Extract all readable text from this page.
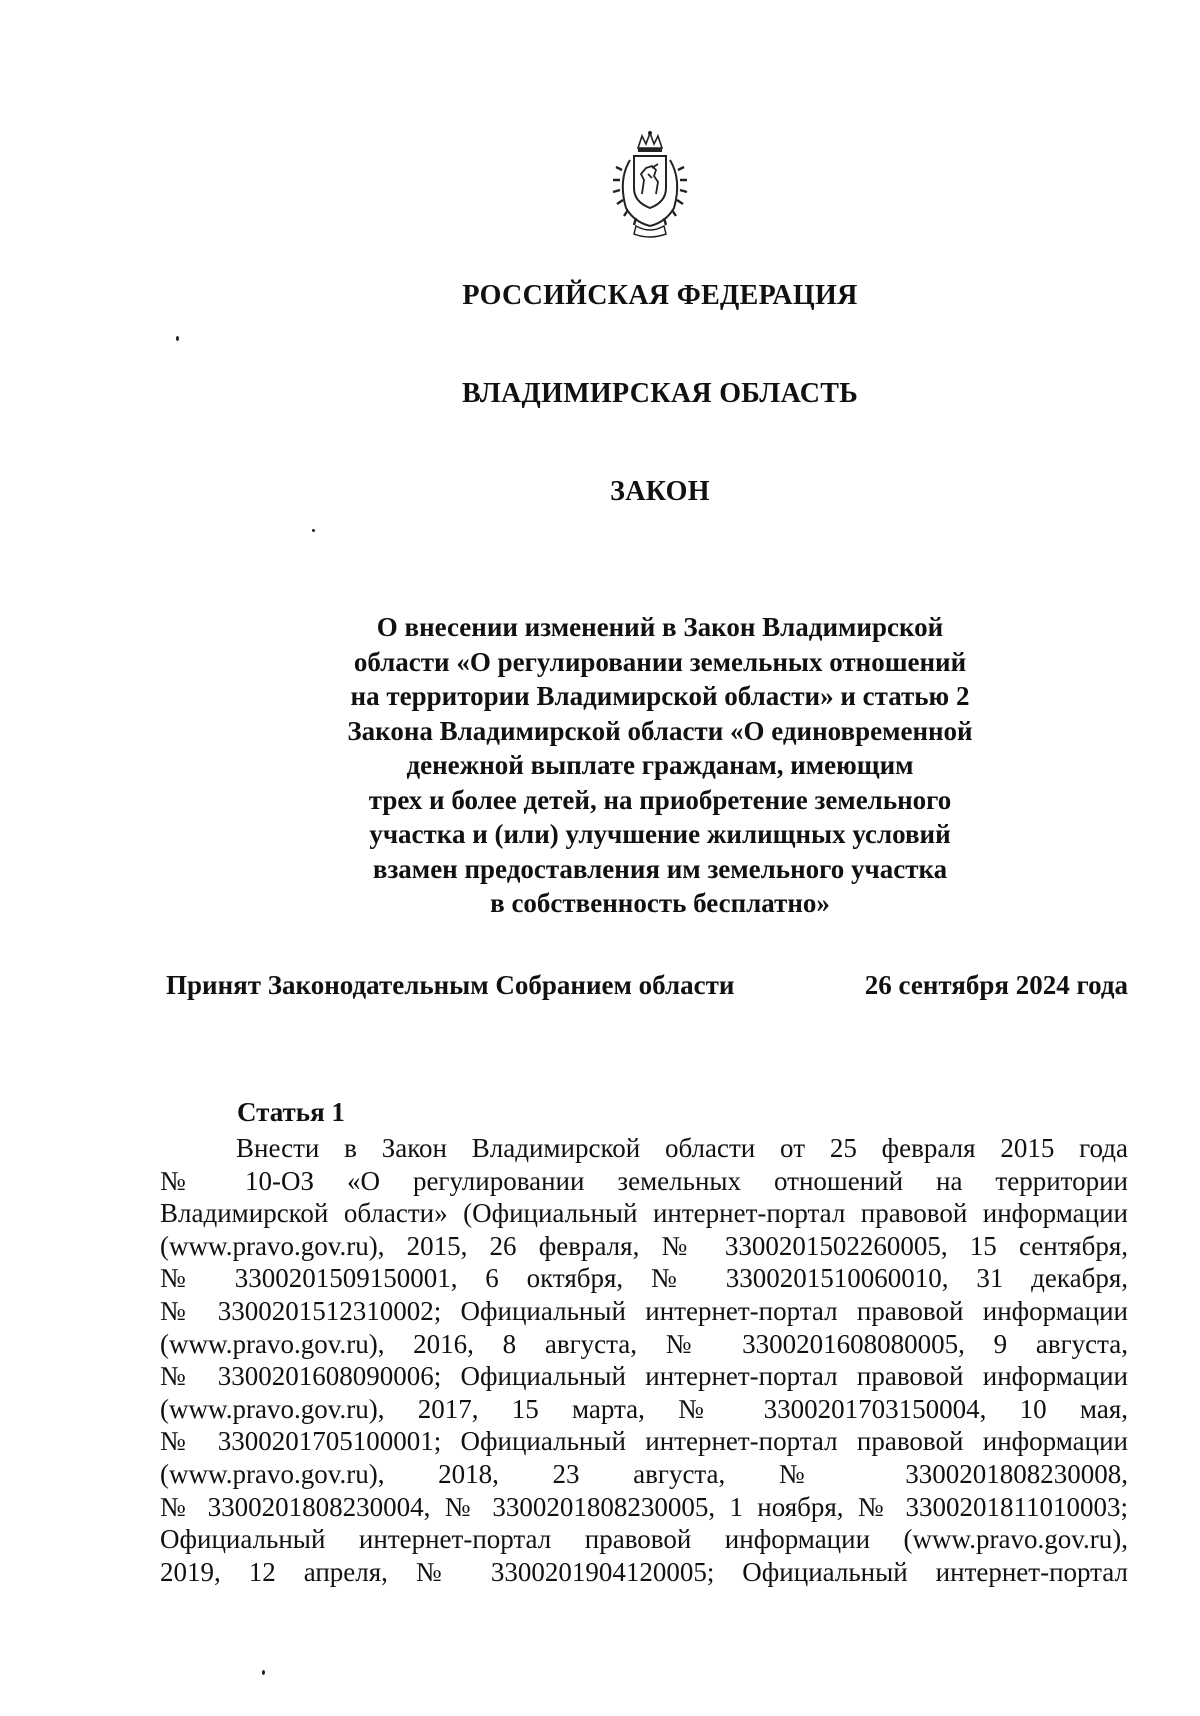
РОССИЙСКАЯ ФЕДЕРАЦИЯ
ВЛАДИМИРСКАЯ ОБЛАСТЬ
ЗАКОН
О внесении изменений в Закон Владимирской
области «О регулировании земельных отношений
на территории Владимирской области» и статью 2
Закона Владимирской области «О единовременной
денежной выплате гражданам, имеющим
трех и более детей, на приобретение земельного
участка и (или) улучшение жилищных условий
взамен предоставления им земельного участка
в собственность бесплатно»
Принят Законодательным Собранием области	26 сентября 2024 года
Статья 1
Внести в Закон Владимирской области от 25 февраля 2015 года
№ 10-ОЗ «О регулировании земельных отношений на территории
Владимирской области» (Официальный интернет-портал правовой информации
(www.pravo.gov.ru), 2015, 26 февраля, № 3300201502260005, 15 сентября,
№ 3300201509150001, 6 октября, № 3300201510060010, 31 декабря,
№ 3300201512310002; Официальный интернет-портал правовой информации
(www.pravo.gov.ru), 2016, 8 августа, № 3300201608080005, 9 августа,
№ 3300201608090006; Официальный интернет-портал правовой информации
(www.pravo.gov.ru), 2017, 15 марта, № 3300201703150004, 10 мая,
№ 3300201705100001; Официальный интернет-портал правовой информации
(www.pravo.gov.ru), 2018, 23 августа, № 3300201808230008,
№ 3300201808230004, № 3300201808230005, 1 ноября, № 3300201811010003;
Официальный интернет-портал правовой информации (www.pravo.gov.ru),
2019, 12 апреля, № 3300201904120005; Официальный интернет-портал
